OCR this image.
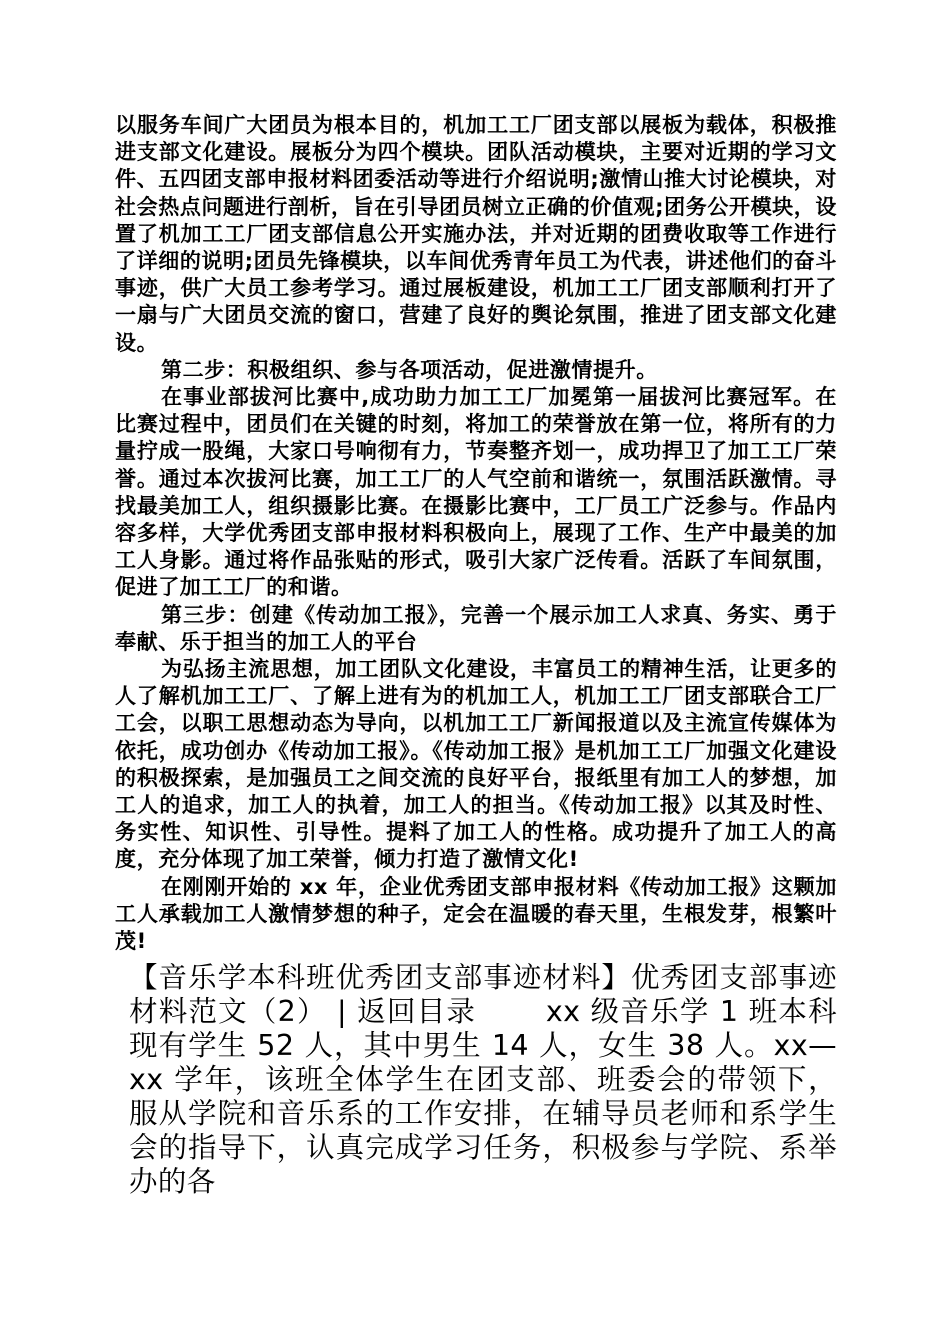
以服务车间广大团员为根本目的，机加工工厂团支部以展板为载体，积极推进支部文化建设。展板分为四个模块。团队活动模块，主要对近期的学习文件、五四团支部申报材料团委活动等进行介绍说明;激情山推大讨论模块，对社会热点问题进行剖析，旨在引导团员树立正确的价值观;团务公开模块，设置了机加工工厂团支部信息公开实施办法，并对近期的团费收取等工作进行了详细的说明;团员先锋模块，以车间优秀青年员工为代表，讲述他们的奋斗事迹，供广大员工参考学习。通过展板建设，机加工工厂团支部顺利打开了一扇与广大团员交流的窗口，营建了良好的舆论氛围，推进了团支部文化建设。

第二步：积极组织、参与各项活动，促进激情提升。

在事业部拔河比赛中,成功助力加工工厂加冕第一届拔河比赛冠军。在比赛过程中，团员们在关键的时刻，将加工的荣誉放在第一位，将所有的力量拧成一股绳，大家口号响彻有力，节奏整齐划一，成功捍卫了加工工厂荣誉。通过本次拔河比赛，加工工厂的人气空前和谐统一，氛围活跃激情。寻找最美加工人，组织摄影比赛。在摄影比赛中，工厂员工广泛参与。作品内容多样，大学优秀团支部申报材料积极向上，展现了工作、生产中最美的加工人身影。通过将作品张贴的形式，吸引大家广泛传看。活跃了车间氛围，促进了加工工厂的和谐。

第三步：创建《传动加工报》，完善一个展示加工人求真、务实、勇于奉献、乐于担当的加工人的平台

为弘扬主流思想，加工团队文化建设，丰富员工的精神生活，让更多的人了解机加工工厂、了解上进有为的机加工人，机加工工厂团支部联合工厂工会，以职工思想动态为导向，以机加工工厂新闻报道以及主流宣传媒体为依托，成功创办《传动加工报》。《传动加工报》是机加工工厂加强文化建设的积极探索，是加强员工之间交流的良好平台，报纸里有加工人的梦想，加工人的追求，加工人的执着，加工人的担当。《传动加工报》以其及时性、务实性、知识性、引导性。提料了加工人的性格。成功提升了加工人的高度，充分体现了加工荣誉，倾力打造了激情文化!

在刚刚开始的 xx 年，企业优秀团支部申报材料《传动加工报》这颗加工人承载加工人激情梦想的种子，定会在温暖的春天里，生根发芽，根繁叶茂!

【音乐学本科班优秀团支部事迹材料】优秀团支部事迹材料范文（2） | 返回目录　　 xx 级音乐学 1 班本科现有学生 52 人，其中男生 14 人，女生 38 人。xx—xx 学年，该班全体学生在团支部、班委会的带领下，服从学院和音乐系的工作安排，在辅导员老师和系学生会的指导下，认真完成学习任务，积极参与学院、系举办的各
